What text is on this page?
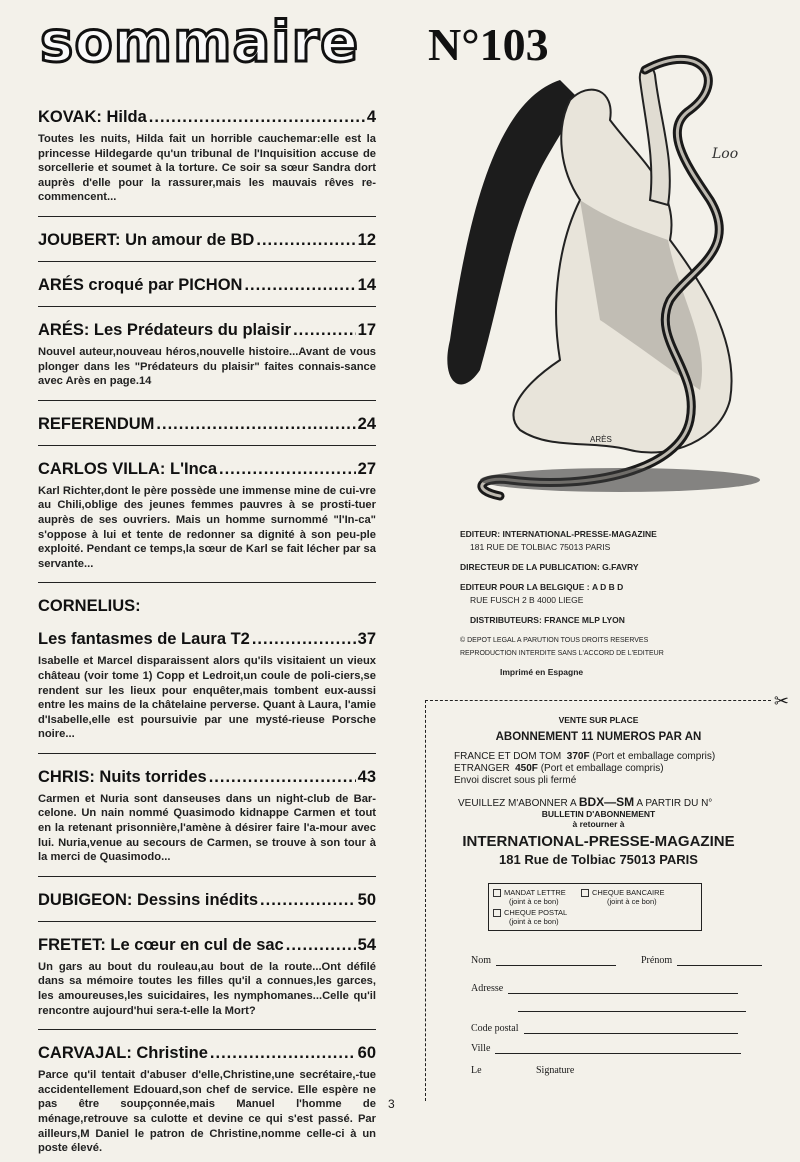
sommaire N°103
KOVAK: Hilda .....	4
Toutes les nuits, Hilda fait un horrible cauchemar:elle est la princesse Hildegarde qu'un tribunal de l'Inquisition accuse de sorcellerie et soumet à la torture. Ce soir sa sœur Sandra dort auprès d'elle pour la rassurer,mais les mauvais rêves re-commencent...
JOUBERT: Un amour de BD .....	12
ARÉS croqué par PICHON .....	14
ARÉS: Les Prédateurs du plaisir .....	17
Nouvel auteur,nouveau héros,nouvelle histoire...Avant de vous plonger dans les "Prédateurs du plaisir" faites connais-sance avec Arès en page.14
REFERENDUM .....	24
CARLOS VILLA: L'Inca .....	27
Karl Richter,dont le père possède une immense mine de cui-vre au Chili,oblige des jeunes femmes pauvres à se prosti-tuer auprès de ses ouvriers. Mais un homme surnommé "l'In-ca" s'oppose à lui et tente de redonner sa dignité à son peu-ple exploité. Pendant ce temps,la sœur de Karl se fait lécher par sa servante...
CORNELIUS:
Les fantasmes de Laura T2 .....	37
Isabelle et Marcel disparaissent alors qu'ils visitaient un vieux château (voir tome 1) Copp et Ledroit,un coule de poli-ciers,se rendent sur les lieux pour enquêter,mais tombent eux-aussi entre les mains de la châtelaine perverse. Quant à Laura, l'amie d'Isabelle,elle est poursuivie par une mysté-rieuse Porsche noire...
CHRIS: Nuits torrides .....	43
Carmen et Nuria sont danseuses dans un night-club de Bar-celone. Un nain nommé Quasimodo kidnappe Carmen et tout en la retenant prisonnière,l'amène à désirer faire l'a-mour avec lui. Nuria,venue au secours de Carmen, se trouve à son tour à la merci de Quasimodo...
DUBIGEON: Dessins inédits .....	50
FRETET: Le cœur en cul de sac .....	54
Un gars au bout du rouleau,au bout de la route...Ont défilé dans sa mémoire toutes les filles qu'il a connues,les garces, les amoureuses,les suicidaires, les nymphomanes...Celle qu'il rencontre aujourd'hui sera-t-elle la Mort?
CARVAJAL: Christine .....	60
Parce qu'il tentait d'abuser d'elle,Christine,une secrétaire,-tue accidentellement Edouard,son chef de service. Elle espère ne pas être soupçonnée,mais Manuel l'homme de ménage,retrouve sa culotte et devine ce qui s'est passé. Par ailleurs,M Daniel le patron de Christine,nomme celle-ci à un poste élevé.
ARÈS
Loo
EDITEUR: INTERNATIONAL-PRESSE-MAGAZINE
181 RUE DE TOLBIAC 75013 PARIS
DIRECTEUR DE LA PUBLICATION: G.FAVRY
EDITEUR POUR LA BELGIQUE : A D B D
RUE FUSCH 2 B 4000 LIEGE
DISTRIBUTEURS: FRANCE MLP LYON
© DEPOT LEGAL A PARUTION TOUS DROITS RESERVES
REPRODUCTION INTERDITE SANS L'ACCORD DE L'EDITEUR
Imprimé en Espagne
✂
VENTE SUR PLACE
ABONNEMENT 11 NUMEROS PAR AN
FRANCE ET DOM TOM 370F (Port et emballage compris)
ETRANGER 450F (Port et emballage compris)
Envoi discret sous pli fermé
VEUILLEZ M'ABONNER A BDX—SM A PARTIR DU N°
BULLETIN D'ABONNEMENT
à retourner à
INTERNATIONAL-PRESSE-MAGAZINE
181 Rue de Tolbiac 75013 PARIS
MANDAT LETTRE
(joint à ce bon)
CHEQUE BANCAIRE
(joint à ce bon)
CHEQUE POSTAL
(joint à ce bon)
Nom	Prénom
Adresse
Code postal
Ville
Le	Signature
3
